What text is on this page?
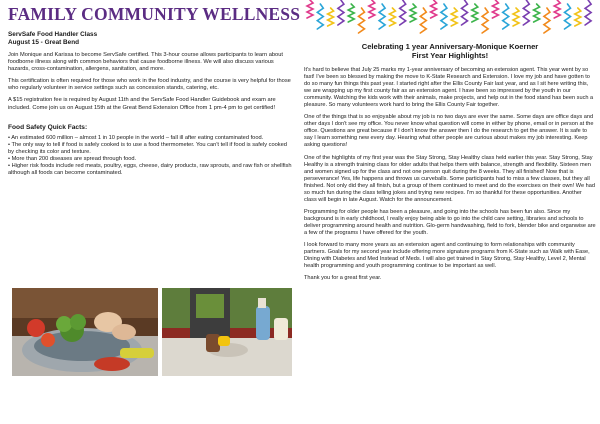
FAMILY COMMUNITY WELLNESS
ServSafe Food Handler Class
August 15 - Great Bend

Join Monique and Karissa to become ServSafe certified. This 3-hour course allows participants to learn about foodborne illness along with common behaviors that cause foodborne illness. We will also discuss various hazards, cross-contamination, allergens, sanitation, and more.

This certification is often required for those who work in the food industry, and the course is very helpful for those who regularly volunteer in service settings such as concession stands, catering, etc.

A $15 registration fee is required by August 11th and the ServSafe Food Handler Guidebook and exam are included. Come join us on August 15th at the Great Bend Extension Office from 1 pm-4 pm to get certified!

Food Safety Quick Facts:
• An estimated 600 million – almost 1 in 10 people in the world – fall ill after eating contaminated food.
• The only way to tell if food is safely cooked is to use a food thermometer. You can't tell if food is safely cooked by checking its color and texture.
• More than 200 diseases are spread through food.
• Higher risk foods include red meats, poultry, eggs, cheese, dairy products, raw sprouts, and raw fish or shellfish although all foods can become contaminated.
Celebrating 1 year Anniversary-Monique Koerner
First Year Highlights!

It's hard to believe that July 25 marks my 1-year anniversary of becoming an extension agent. This year went by so fast! I've been so blessed by making the move to K-State Research and Extension. I love my job and have gotten to do so many fun things this past year. I started right after the Ellis County Fair last year, and as I sit here writing this, we are wrapping up my first county fair as an extension agent. I have been so impressed by the youth in our community. Watching the kids work with their animals, make projects, and help out in the food stand has been such a pleasure. So many volunteers work hard to bring the Ellis County Fair together.

One of the things that is so enjoyable about my job is no two days are ever the same. Some days are office days and other days I don't see my office. You never know what question will come in either by phone, email or in person at the office. Questions are great because if I don't know the answer then I do the research to get the answer. It is safe to say I learn something new every day. Hearing what other people are curious about makes my job interesting. Keep asking questions!

One of the highlights of my first year was the Stay Strong, Stay Healthy class held earlier this year. Stay Strong, Stay Healthy is a strength training class for older adults that helps them with balance, strength and flexibility. Sixteen men and women signed up for the class and not one person quit during the 8 weeks. They all finished! Now that is perseverance! Yes, life happens and throws us curveballs. Some participants had to miss a few classes, but they all finished. Not only did they all finish, but a group of them continued to meet and do the exercises on their own! We had so much fun during the class telling jokes and trying new recipes. I'm so thankful for these opportunities. Another class will begin in late August. Watch for the announcement.

Programming for older people has been a pleasure, and going into the schools has been fun also. Since my background is in early childhood, I really enjoy being able to go into the child care setting, libraries and schools to deliver programming around health and nutrition. Glo-germ handwashing, field to fork, blender bike and organwise are a few of the programs I have offered for the youth.

I look forward to many more years as an extension agent and continuing to form relationships with community partners. Goals for my second year include offering more signature programs from K-State such as Walk with Ease, Dining with Diabetes and Med Instead of Meds. I will also get trained in Stay Strong, Stay Healthy, Level 2, Mental health programming and youth programming continue to be important as well.

Thank you for a great first year.
